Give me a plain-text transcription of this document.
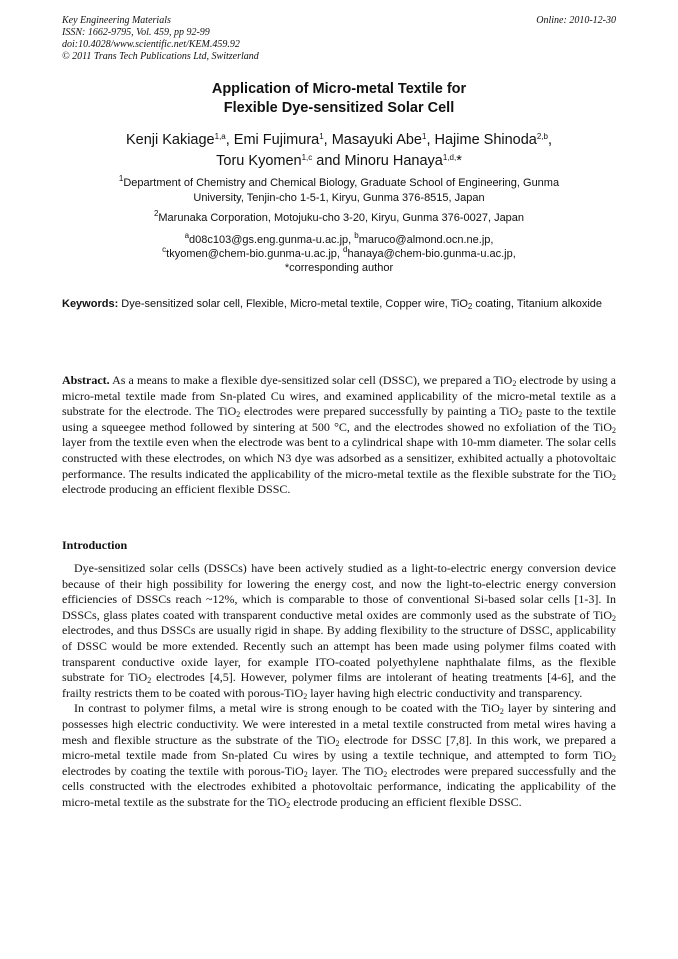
Key Engineering Materials
ISSN: 1662-9795, Vol. 459, pp 92-99
doi:10.4028/www.scientific.net/KEM.459.92
© 2011 Trans Tech Publications Ltd, Switzerland
Online: 2010-12-30
Application of Micro-metal Textile for
Flexible Dye-sensitized Solar Cell
Kenji Kakiage$^{1,a}$, Emi Fujimura$^1$, Masayuki Abe$^1$, Hajime Shinoda$^{2,b}$,
Toru Kyomen$^{1,c}$ and Minoru Hanaya$^{1,d,}$*
$^1$Department of Chemistry and Chemical Biology, Graduate School of Engineering, Gunma
University, Tenjin-cho 1-5-1, Kiryu, Gunma 376-8515, Japan
$^2$Marunaka Corporation, Motojuku-cho 3-20, Kiryu, Gunma 376-0027, Japan
$^a$d08c103@gs.eng.gunma-u.ac.jp, $^b$maruco@almond.ocn.ne.jp,
$^c$tkyomen@chem-bio.gunma-u.ac.jp, $^d$hanaya@chem-bio.gunma-u.ac.jp,
*corresponding author
Keywords: Dye-sensitized solar cell, Flexible, Micro-metal textile, Copper wire, TiO$_2$ coating, Titanium alkoxide
Abstract. As a means to make a flexible dye-sensitized solar cell (DSSC), we prepared a TiO$_2$ electrode by using a micro-metal textile made from Sn-plated Cu wires, and examined applicability of the micro-metal textile as a substrate for the electrode. The TiO$_2$ electrodes were prepared successfully by painting a TiO$_2$ paste to the textile using a squeegee method followed by sintering at 500 °C, and the electrodes showed no exfoliation of the TiO$_2$ layer from the textile even when the electrode was bent to a cylindrical shape with 10-mm diameter. The solar cells constructed with these electrodes, on which N3 dye was adsorbed as a sensitizer, exhibited actually a photovoltaic performance. The results indicated the applicability of the micro-metal textile as the flexible substrate for the TiO$_2$ electrode producing an efficient flexible DSSC.
Introduction

Dye-sensitized solar cells (DSSCs) have been actively studied as a light-to-electric energy conversion device because of their high possibility for lowering the energy cost, and now the light-to-electric energy conversion efficiencies of DSSCs reach ~12%, which is comparable to those of conventional Si-based solar cells [1-3]. In DSSCs, glass plates coated with transparent conductive metal oxides are commonly used as the substrate of TiO$_2$ electrodes, and thus DSSCs are usually rigid in shape. By adding flexibility to the structure of DSSC, applicability of DSSC would be more extended. Recently such an attempt has been made using polymer films coated with transparent conductive oxide layer, for example ITO-coated polyethylene naphthalate films, as the flexible substrate for TiO$_2$ electrodes [4,5]. However, polymer films are intolerant of heating treatments [4-6], and the frailty restricts them to be coated with porous-TiO$_2$ layer having high electric conductivity and transparency.

In contrast to polymer films, a metal wire is strong enough to be coated with the TiO$_2$ layer by sintering and possesses high electric conductivity. We were interested in a metal textile constructed from metal wires having a mesh and flexible structure as the substrate of the TiO$_2$ electrode for DSSC [7,8]. In this work, we prepared a micro-metal textile made from Sn-plated Cu wires by using a textile technique, and attempted to form TiO$_2$ electrodes by coating the textile with porous-TiO$_2$ layer. The TiO$_2$ electrodes were prepared successfully and the cells constructed with the electrodes exhibited a photovoltaic performance, indicating the applicability of the micro-metal textile as the substrate for the TiO$_2$ electrode producing an efficient flexible DSSC.
